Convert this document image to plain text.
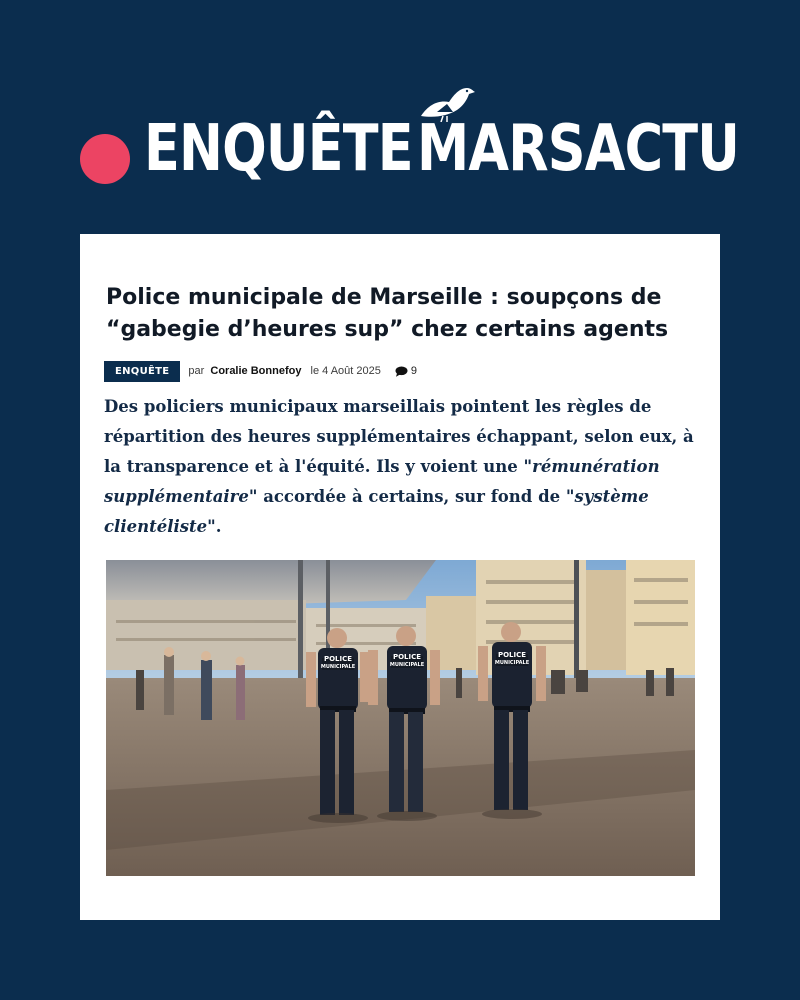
ENQUÊTE MARSACTU
Police municipale de Marseille : soupçons de “gabegie d’heures sup” chez certains agents
ENQUÊTE	par Coralie Bonnefoy le 4 Août 2025	9

Des policiers municipaux marseillais pointent les règles de répartition des heures supplémentaires échappant, selon eux, à la transparence et à l'équité. Ils y voient une "rémunération supplémentaire" accordée à certains, sur fond de "système clientéliste".

POLICE
MUNICIPALE
POLICE
MUNICIPALE
POLICE
MUNICIPALE
